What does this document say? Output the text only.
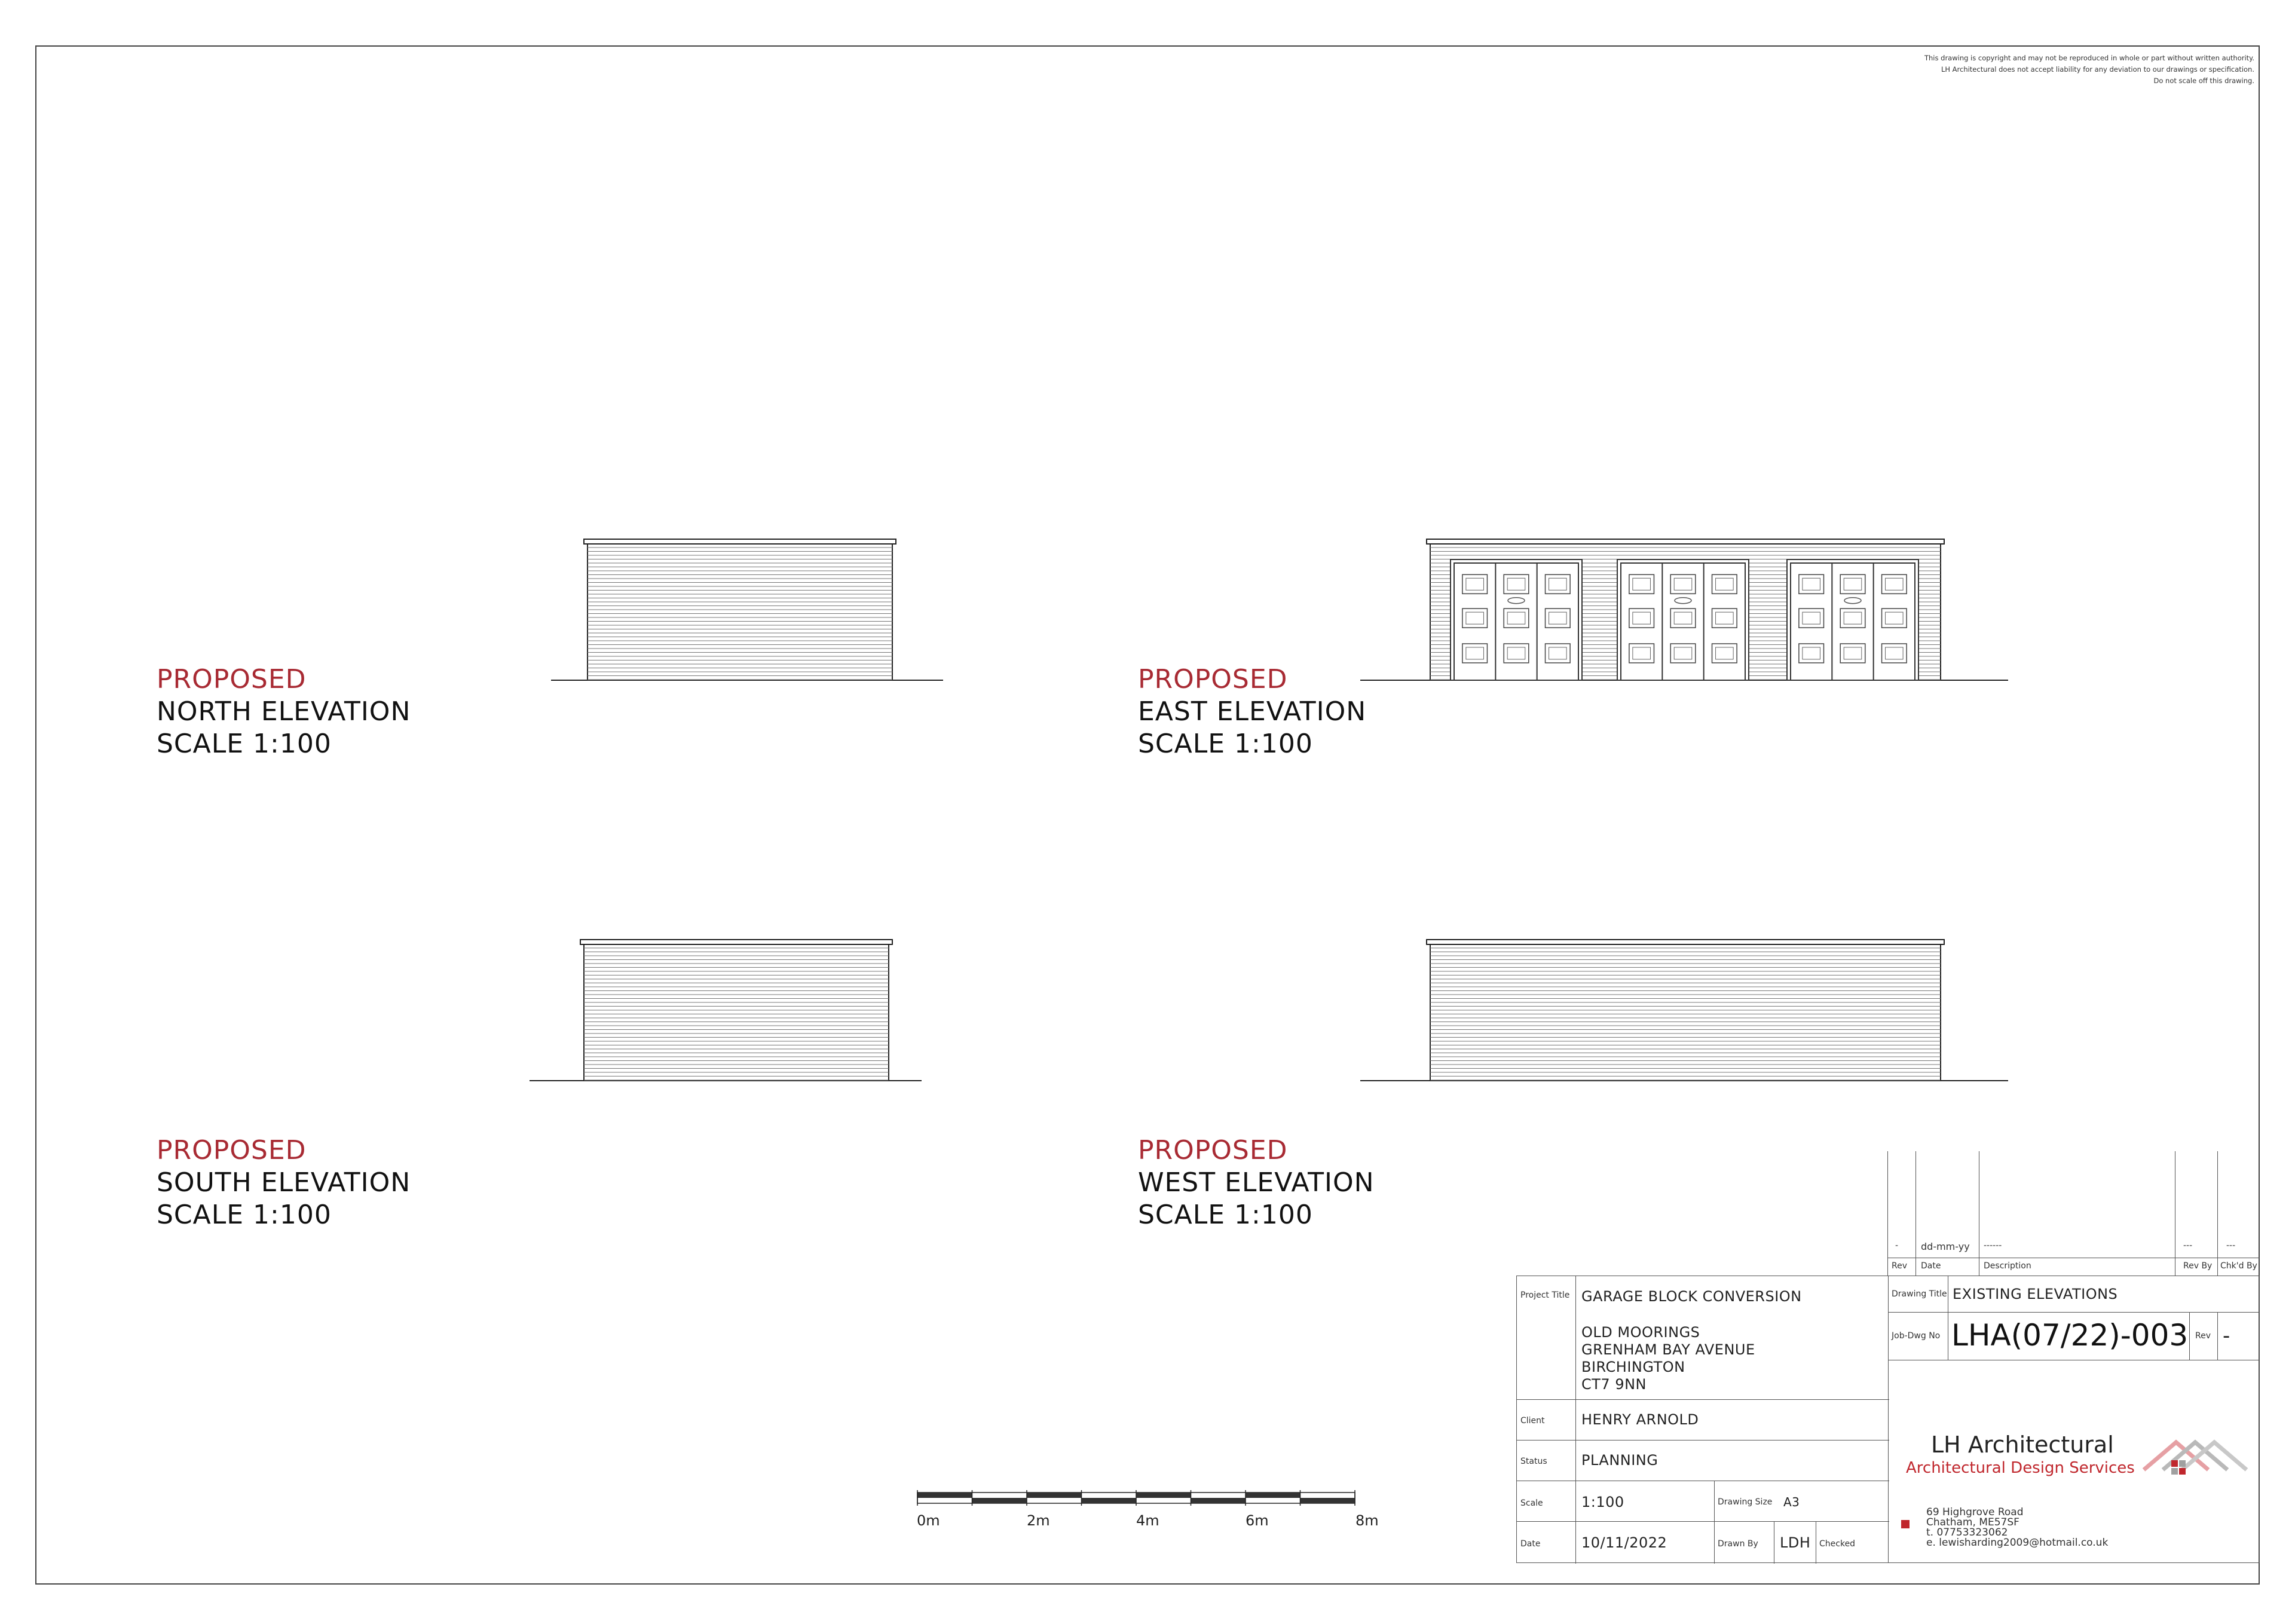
This drawing is copyright and may not be reproduced in whole or part without written authority.
LH Architectural does not accept liability for any deviation to our drawings or specification.
Do not scale off this drawing.
PROPOSED
NORTH ELEVATION
SCALE 1:100
PROPOSED
EAST ELEVATION
SCALE 1:100
PROPOSED
SOUTH ELEVATION
SCALE 1:100
PROPOSED
WEST ELEVATION
SCALE 1:100
0m	2m	4m	6m	8m
- dd-mm-yy ------	---	---
Rev Date	Description	Rev By Chk'd By
Project Title GARAGE BLOCK CONVERSION
OLD MOORINGS
GRENHAM BAY AVENUE
BIRCHINGTON
CT7 9NN
Client	HENRY ARNOLD
Status PLANNING
Scale	1:100	Drawing Size A3
Date	10/11/2022	Drawn By LDH Checked
Drawing Title EXISTING ELEVATIONS
Job-Dwg No LHA(07/22)-003 Rev -
LH Architectural
Architectural Design Services
69 Highgrove Road
Chatham, ME57SF
t. 07753323062
e. lewisharding2009@hotmail.co.uk
